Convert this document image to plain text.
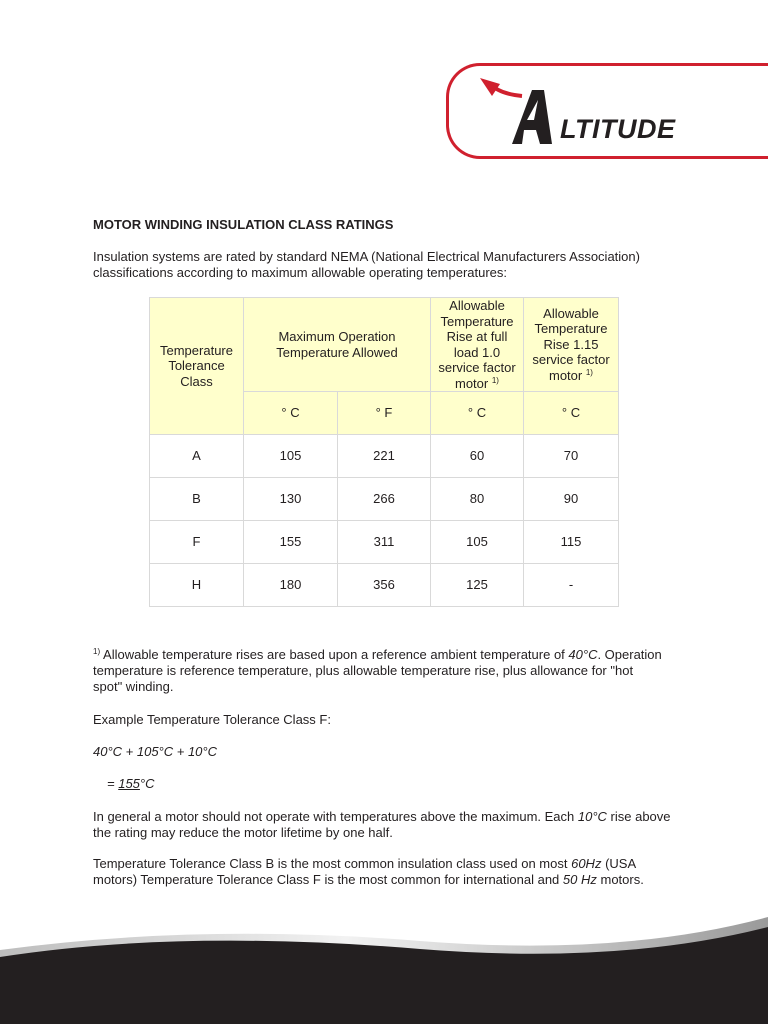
LTITUDE
MOTOR WINDING INSULATION CLASS RATINGS

Insulation systems are rated by standard NEMA (National Electrical Manufacturers Association) classifications according to maximum allowable operating temperatures:

Temperature Tolerance Class	Maximum Operation Temperature Allowed		Allowable Temperature Rise at full load 1.0 service factor motor $^{1)}$	Allowable Temperature Rise 1.15 service factor motor $^{1)}$
	° C	° F	° C	° C
A	105	221	60	70
B	130	266	80	90
F	155	311	105	115
H	180	356	125	-

$^{1)}$ Allowable temperature rises are based upon a reference ambient temperature of 40°C. Operation temperature is reference temperature, plus allowable temperature rise, plus allowance for "hot spot" winding.

Example Temperature Tolerance Class F:

40°C + 105°C + 10°C

= 155°C

In general a motor should not operate with temperatures above the maximum. Each 10°C rise above the rating may reduce the motor lifetime by one half.

Temperature Tolerance Class B is the most common insulation class used on most 60Hz (USA motors) Temperature Tolerance Class F is the most common for international and 50 Hz motors.
